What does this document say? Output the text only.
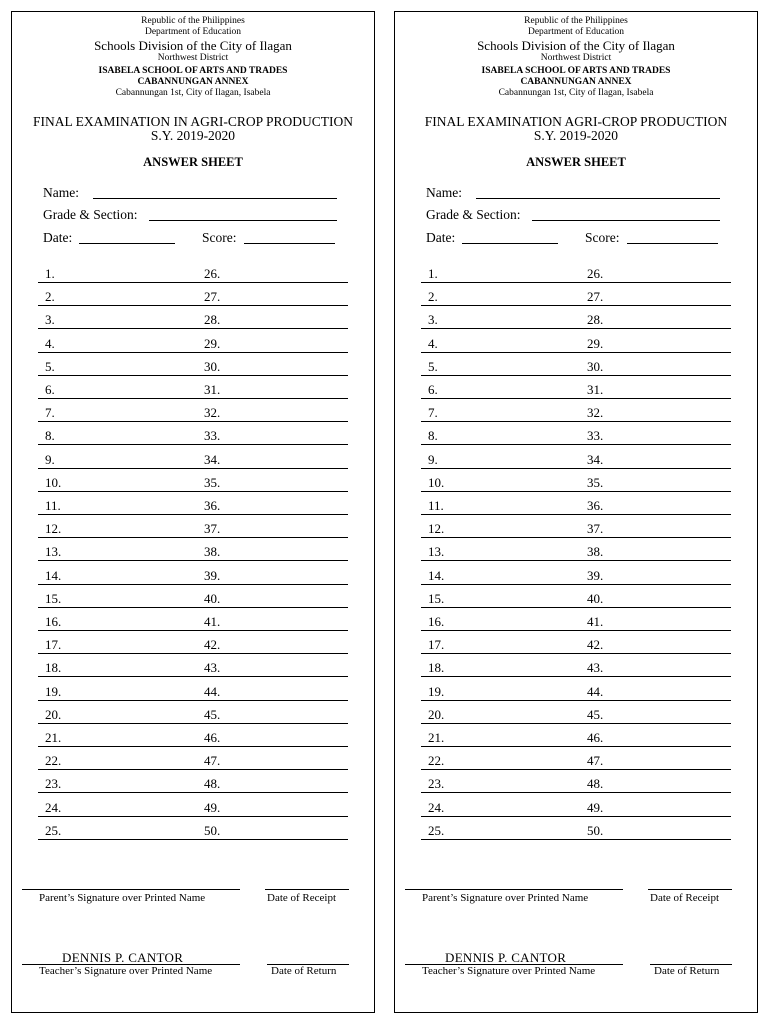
Republic of the Philippines
Department of Education
Schools Division of the City of Ilagan
Northwest District
ISABELA SCHOOL OF ARTS AND TRADES
CABANNUNGAN ANNEX
Cabannungan 1st, City of Ilagan, Isabela
FINAL EXAMINATION IN AGRI-CROP PRODUCTION
S.Y. 2019-2020
ANSWER SHEET
Name:
Grade & Section:
Date:	Score:
1.	26.
2.	27.
3.	28.
4.	29.
5.	30.
6.	31.
7.	32.
8.	33.
9.	34.
10.	35.
11.	36.
12.	37.
13.	38.
14.	39.
15.	40.
16.	41.
17.	42.
18.	43.
19.	44.
20.	45.
21.	46.
22.	47.
23.	48.
24.	49.
25.	50.
Parent’s Signature over Printed Name	Date of Receipt
DENNIS P. CANTOR
Teacher’s Signature over Printed Name	Date of Return
Republic of the Philippines
Department of Education
Schools Division of the City of Ilagan
Northwest District
ISABELA SCHOOL OF ARTS AND TRADES
CABANNUNGAN ANNEX
Cabannungan 1st, City of Ilagan, Isabela
FINAL EXAMINATION AGRI-CROP PRODUCTION
S.Y. 2019-2020
ANSWER SHEET
Name:
Grade & Section:
Date:	Score:
1.	26.
2.	27.
3.	28.
4.	29.
5.	30.
6.	31.
7.	32.
8.	33.
9.	34.
10.	35.
11.	36.
12.	37.
13.	38.
14.	39.
15.	40.
16.	41.
17.	42.
18.	43.
19.	44.
20.	45.
21.	46.
22.	47.
23.	48.
24.	49.
25.	50.
Parent’s Signature over Printed Name	Date of Receipt
DENNIS P. CANTOR
Teacher’s Signature over Printed Name	Date of Return
